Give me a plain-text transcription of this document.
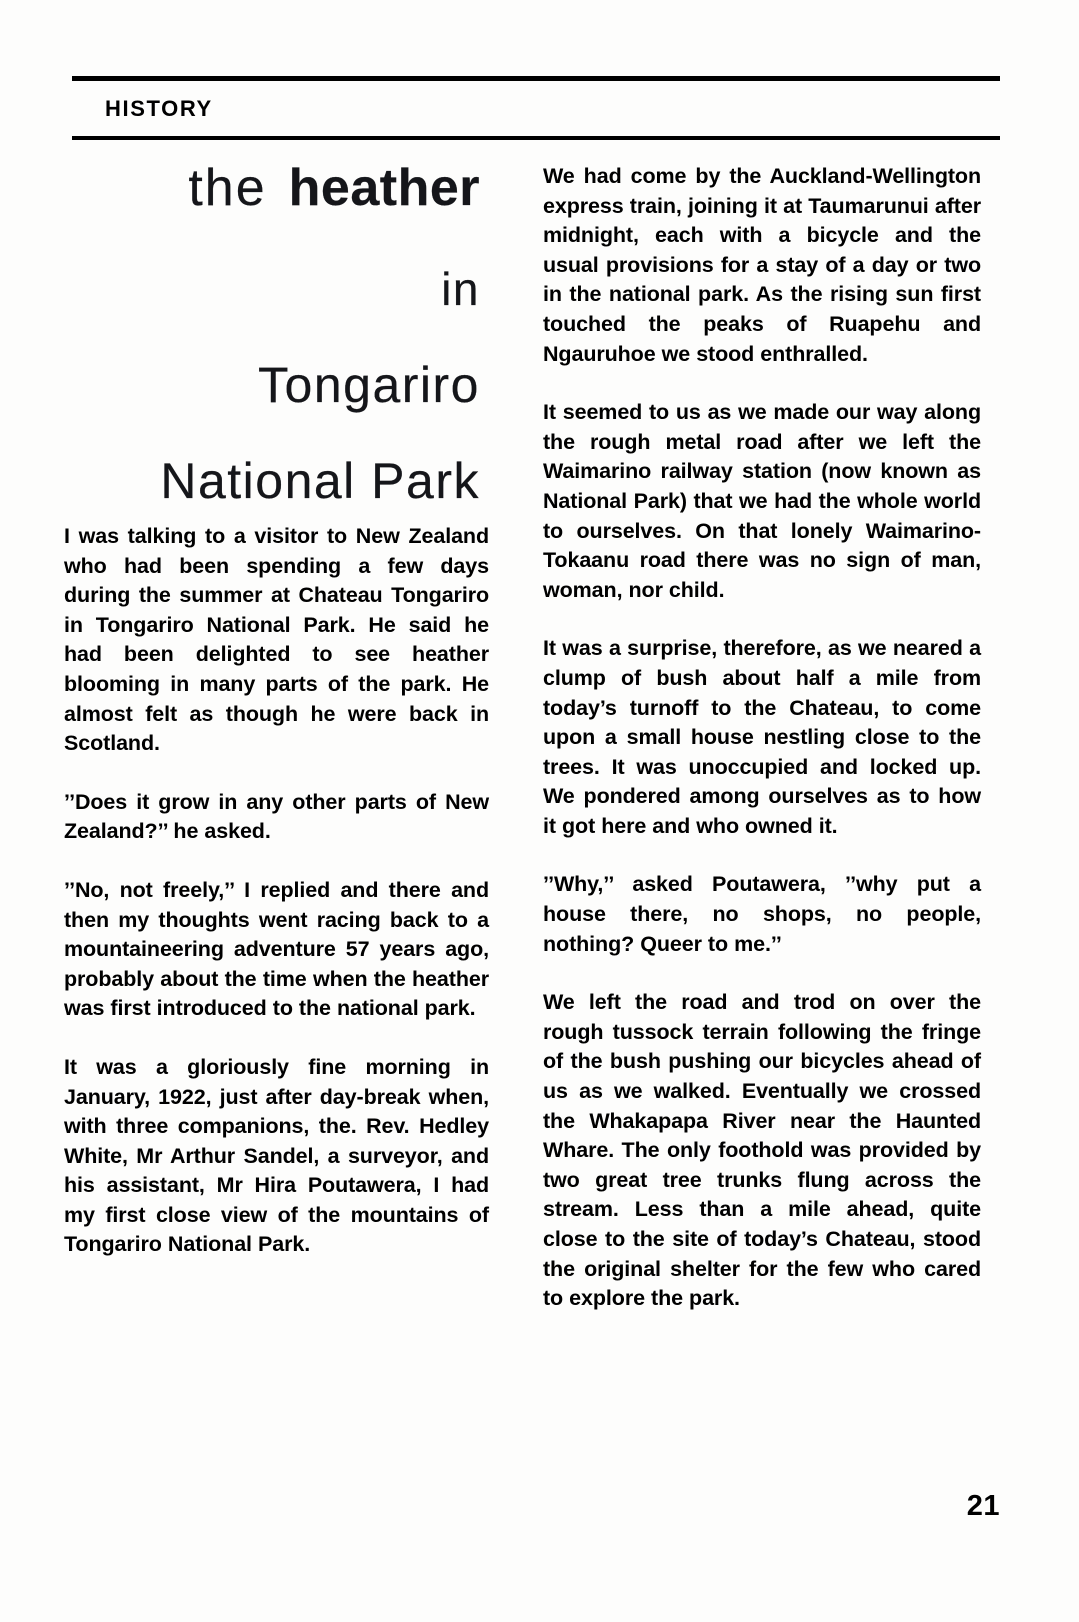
HISTORY
the heather
in
Tongariro
National Park

I was talking to a visitor to New Zealand who had been spending a few days during the summer at Chateau Tongariro in Tongariro National Park. He said he had been delighted to see heather blooming in many parts of the park. He almost felt as though he were back in Scotland.

’’Does it grow in any other parts of New Zealand?’’ he asked.

’’No, not freely,’’ I replied and there and then my thoughts went racing back to a mountaineering adventure 57 years ago, probably about the time when the heather was first introduced to the national park.

It was a gloriously fine morning in January, 1922, just after day-break when, with three companions, the. Rev. Hedley White, Mr Arthur Sandel, a surveyor, and his assistant, Mr Hira Poutawera, I had my first close view of the mountains of Tongariro National Park.

We had come by the Auckland-Wellington express train, joining it at Taumarunui after midnight, each with a bicycle and the usual provisions for a stay of a day or two in the national park. As the rising sun first touched the peaks of Ruapehu and Ngauruhoe we stood enthralled.

It seemed to us as we made our way along the rough metal road after we left the Waimarino railway station (now known as National Park) that we had the whole world to ourselves. On that lonely Waimarino-Tokaanu road there was no sign of man, woman, nor child.

It was a surprise, therefore, as we neared a clump of bush about half a mile from today’s turnoff to the Chateau, to come upon a small house nestling close to the trees. It was unoccupied and locked up. We pondered among ourselves as to how it got here and who owned it.

’’Why,’’ asked Poutawera, ’’why put a house there, no shops, no people, nothing? Queer to me.’’

We left the road and trod on over the rough tussock terrain following the fringe of the bush pushing our bicycles ahead of us as we walked. Eventually we crossed the Whakapapa River near the Haunted Whare. The only foothold was provided by two great tree trunks flung across the stream. Less than a mile ahead, quite close to the site of today’s Chateau, stood the original shelter for the few who cared to explore the park.

21
